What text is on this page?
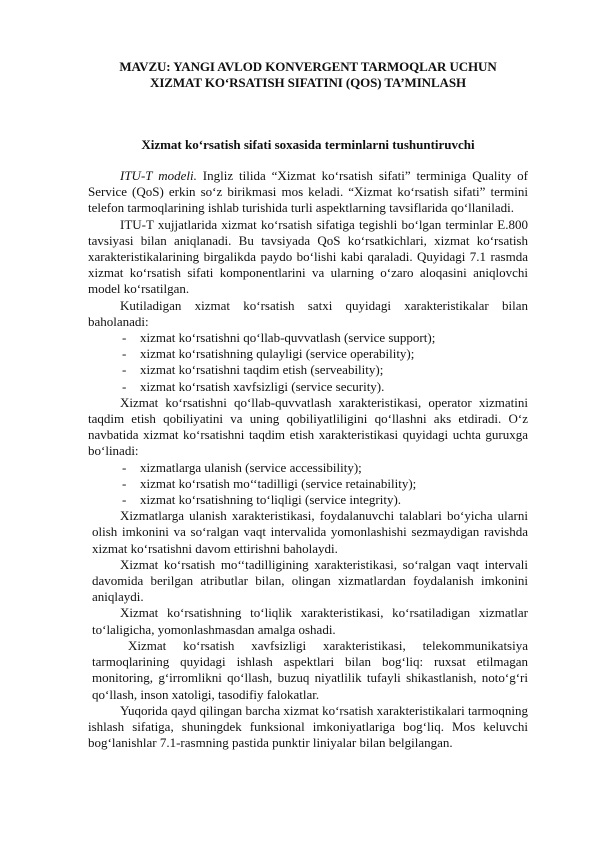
MAVZU: YANGI AVLOD KONVERGENT TARMOQLAR UCHUN
XIZMAT KO‘RSATISH SIFATINI (QOS) TA’MINLASH
Xizmat ko‘rsatish sifati soxasida terminlarni tushuntiruvchi

ITU-T modeli. Ingliz tilida “Xizmat ko‘rsatish sifati” terminiga Quality of Service (QoS) erkin so‘z birikmasi mos keladi. “Xizmat ko‘rsatish sifati” termini telefon tarmoqlarining ishlab turishida turli aspektlarning tavsiflarida qo‘llaniladi.

ITU-T xujjatlarida xizmat ko‘rsatish sifatiga tegishli bo‘lgan terminlar E.800 tavsiyasi bilan aniqlanadi. Bu tavsiyada QoS ko‘rsatkichlari, xizmat ko‘rsatish xarakteristikalarining birgalikda paydo bo‘lishi kabi qaraladi. Quyidagi 7.1 rasmda xizmat ko‘rsatish sifati komponentlarini va ularning o‘zaro aloqasini aniqlovchi model ko‘rsatilgan.

Kutiladigan xizmat ko‘rsatish satxi quyidagi xarakteristikalar bilan baholanadi:

- xizmat ko‘rsatishni qo‘llab-quvvatlash (service support);
- xizmat ko‘rsatishning qulayligi (service operability);
- xizmat ko‘rsatishni taqdim etish (serveability);
- xizmat ko‘rsatish xavfsizligi (service security).

Xizmat ko‘rsatishni qo‘llab-quvvatlash xarakteristikasi, operator xizmatini taqdim etish qobiliyatini va uning qobiliyatliligini qo‘llashni aks etdiradi. O‘z navbatida xizmat ko‘rsatishni taqdim etish xarakteristikasi quyidagi uchta guruxga bo‘linadi:

- xizmatlarga ulanish (service accessibility);
- xizmat ko‘rsatish mo‘‘tadilligi (service retainability);
- xizmat ko‘rsatishning to‘liqligi (service integrity).

Xizmatlarga ulanish xarakteristikasi, foydalanuvchi talablari bo‘yicha ularni olish imkonini va so‘ralgan vaqt intervalida yomonlashishi sezmaydigan ravishda xizmat ko‘rsatishni davom ettirishni baholaydi.

Xizmat ko‘rsatish mo‘‘tadilligining xarakteristikasi, so‘ralgan vaqt intervali davomida berilgan atributlar bilan, olingan xizmatlardan foydalanish imkonini aniqlaydi.

Xizmat ko‘rsatishning to‘liqlik xarakteristikasi, ko‘rsatiladigan xizmatlar to‘laligicha, yomonlashmasdan amalga oshadi.

Xizmat ko‘rsatish xavfsizligi xarakteristikasi, telekommunikatsiya tarmoqlarining quyidagi ishlash aspektlari bilan bog‘liq: ruxsat etilmagan monitoring, g‘irromlikni qo‘llash, buzuq niyatlilik tufayli shikastlanish, noto‘g‘ri qo‘llash, inson xatoligi, tasodifiy falokatlar.

Yuqorida qayd qilingan barcha xizmat ko‘rsatish xarakteristikalari tarmoqning ishlash sifatiga, shuningdek funksional imkoniyatlariga bog‘liq. Mos keluvchi bog‘lanishlar 7.1-rasmning pastida punktir liniyalar bilan belgilangan.
